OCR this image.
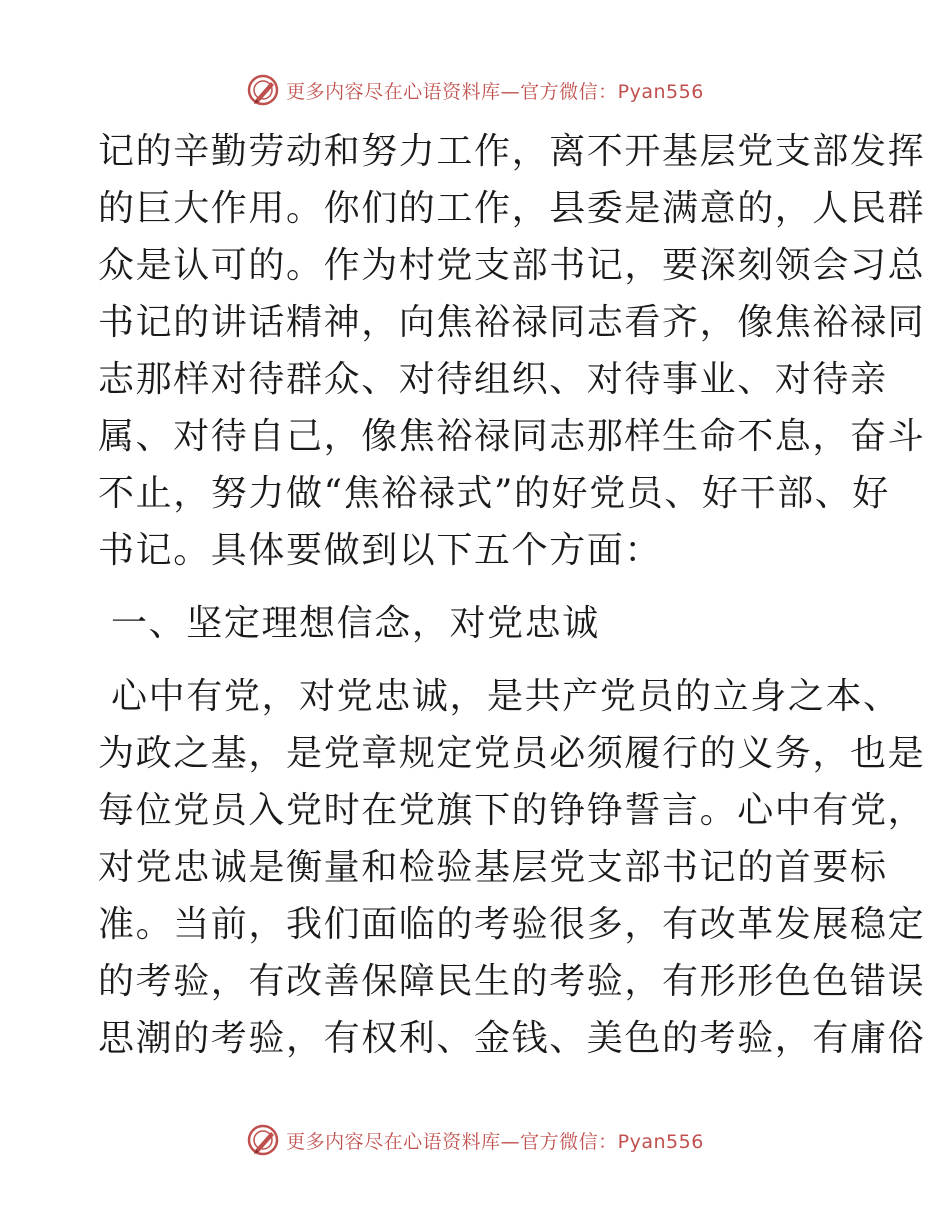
更多内容尽在心语资料库—官方微信：Pyan556
记的辛勤劳动和努力工作，离不开基层党支部发挥
的巨大作用。你们的工作，县委是满意的，人民群
众是认可的。作为村党支部书记，要深刻领会习总
书记的讲话精神，向焦裕禄同志看齐，像焦裕禄同
志那样对待群众、对待组织、对待事业、对待亲
属、对待自己，像焦裕禄同志那样生命不息，奋斗
不止，努力做“焦裕禄式”的好党员、好干部、好
书记。具体要做到以下五个方面：
一、坚定理想信念，对党忠诚
心中有党，对党忠诚，是共产党员的立身之本、
为政之基，是党章规定党员必须履行的义务，也是
每位党员入党时在党旗下的铮铮誓言。心中有党，
对党忠诚是衡量和检验基层党支部书记的首要标
准。当前，我们面临的考验很多，有改革发展稳定
的考验，有改善保障民生的考验，有形形色色错误
思潮的考验，有权利、金钱、美色的考验，有庸俗
更多内容尽在心语资料库—官方微信：Pyan556
